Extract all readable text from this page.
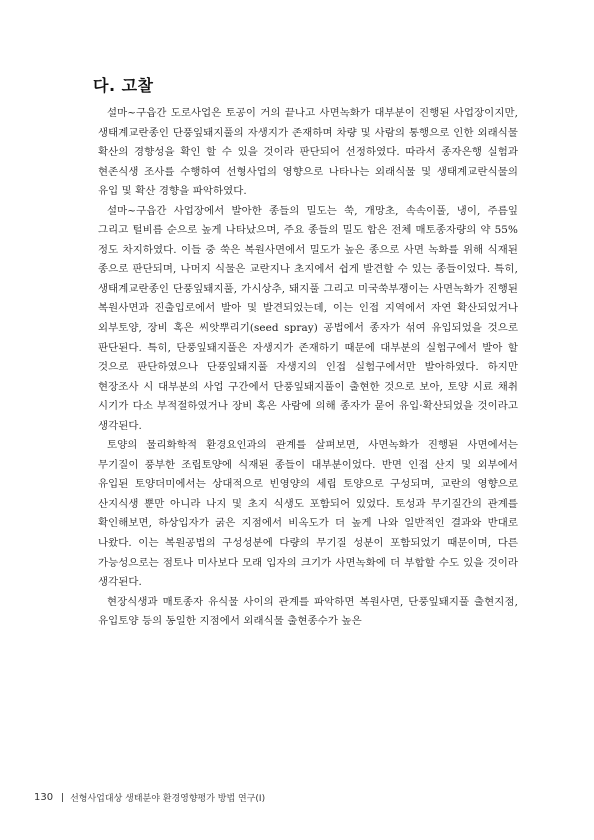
다. 고찰

설마~구읍간 도로사업은 토공이 거의 끝나고 사면녹화가 대부분이 진행된 사업장이지만, 생태계교란종인 단풍잎돼지풀의 자생지가 존재하며 차량 및 사람의 통행으로 인한 외래식물 확산의 경향성을 확인 할 수 있을 것이라 판단되어 선정하였다. 따라서 종자은행 실험과 현존식생 조사를 수행하여 선형사업의 영향으로 나타나는 외래식물 및 생태계교란식물의 유입 및 확산 경향을 파악하였다.

설마~구읍간 사업장에서 발아한 종들의 밀도는 쑥, 개망초, 속속이풀, 냉이, 주름잎 그리고 털비름 순으로 높게 나타났으며, 주요 종들의 밀도 합은 전체 매토종자량의 약 55% 정도 차지하였다. 이들 중 쑥은 복원사면에서 밀도가 높은 종으로 사면 녹화를 위해 식재된 종으로 판단되며, 나머지 식물은 교란지나 초지에서 쉽게 발견할 수 있는 종들이었다. 특히, 생태계교란종인 단풍잎돼지풀, 가시상추, 돼지풀 그리고 미국쑥부쟁이는 사면녹화가 진행된 복원사면과 진출입로에서 발아 및 발견되었는데, 이는 인접 지역에서 자연 확산되었거나 외부토양, 장비 혹은 씨앗뿌리기(seed spray) 공법에서 종자가 섞여 유입되었을 것으로 판단된다. 특히, 단풍잎돼지풀은 자생지가 존재하기 때문에 대부분의 실험구에서 발아 할 것으로 판단하였으나 단풍잎돼지풀 자생지의 인접 실험구에서만 발아하였다. 하지만 현장조사 시 대부분의 사업 구간에서 단풍잎돼지풀이 출현한 것으로 보아, 토양 시료 채취 시기가 다소 부적절하였거나 장비 혹은 사람에 의해 종자가 묻어 유입·확산되었을 것이라고 생각된다.

토양의 물리화학적 환경요인과의 관계를 살펴보면, 사면녹화가 진행된 사면에서는 무기질이 풍부한 조립토양에 식재된 종들이 대부분이었다. 반면 인접 산지 및 외부에서 유입된 토양더미에서는 상대적으로 빈영양의 세립 토양으로 구성되며, 교란의 영향으로 산지식생 뿐만 아니라 나지 및 초지 식생도 포함되어 있었다. 토성과 무기질간의 관계를 확인해보면, 하상입자가 굵은 지점에서 비옥도가 더 높게 나와 일반적인 결과와 반대로 나왔다. 이는 복원공법의 구성성분에 다량의 무기질 성분이 포함되었기 때문이며, 다른 가능성으로는 점토나 미사보다 모래 입자의 크기가 사면녹화에 더 부합할 수도 있을 것이라 생각된다.

현장식생과 매토종자 유식물 사이의 관계를 파악하면 복원사면, 단풍잎돼지풀 출현지점, 유입토양 등의 동일한 지점에서 외래식물 출현종수가 높은

130 선형사업대상 생태분야 환경영향평가 방법 연구(Ⅰ)
